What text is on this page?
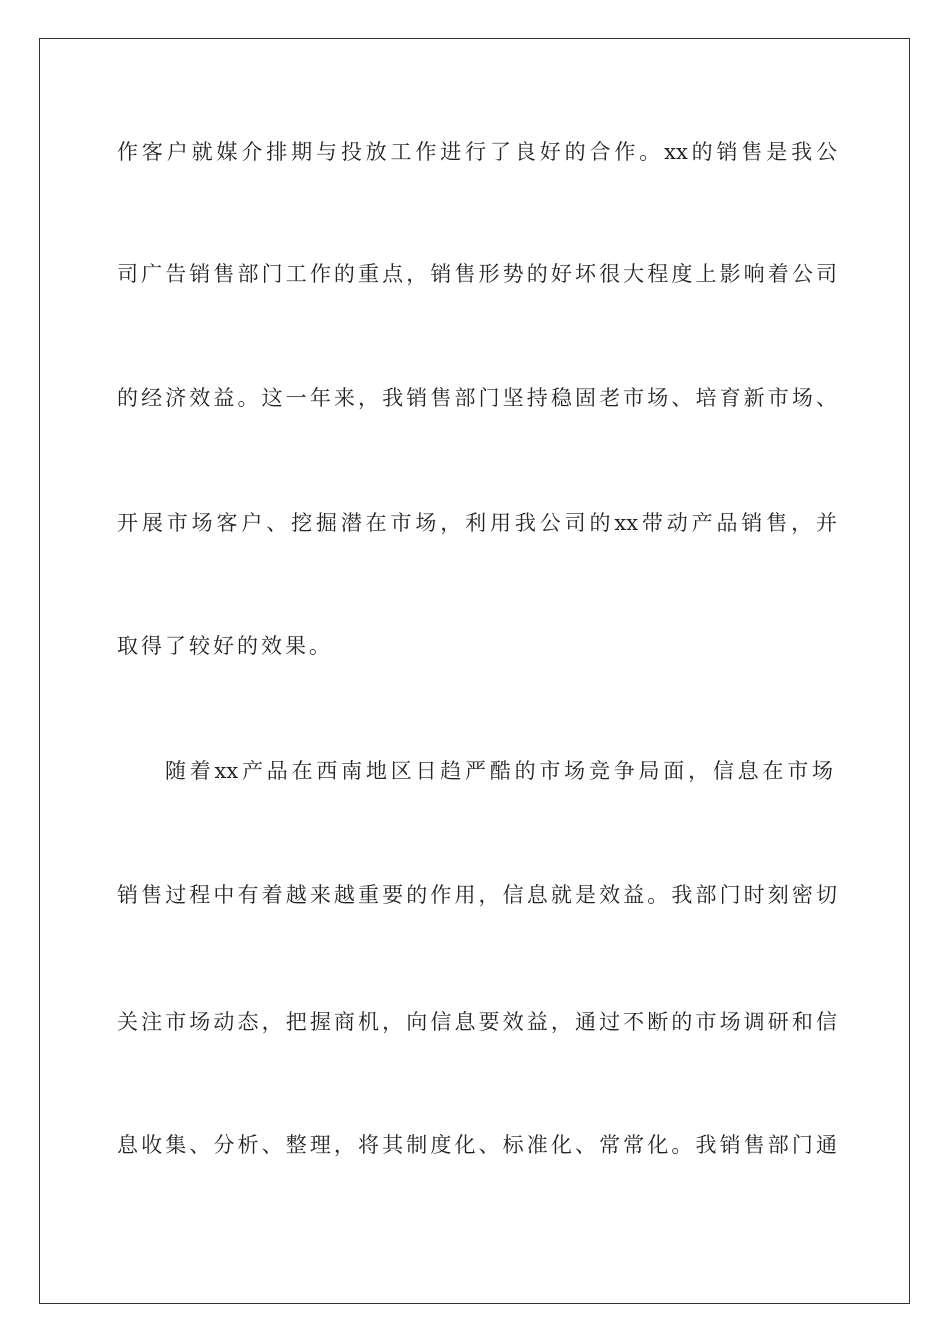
作客户就媒介排期与投放工作进行了良好的合作。xx的销售是我公
司广告销售部门工作的重点，销售形势的好坏很大程度上影响着公司
的经济效益。这一年来，我销售部门坚持稳固老市场、培育新市场、
开展市场客户、挖掘潜在市场，利用我公司的xx带动产品销售，并
取得了较好的效果。
随着xx产品在西南地区日趋严酷的市场竞争局面，信息在市场
销售过程中有着越来越重要的作用，信息就是效益。我部门时刻密切
关注市场动态，把握商机，向信息要效益，通过不断的市场调研和信
息收集、分析、整理，将其制度化、标准化、常常化。我销售部门通
